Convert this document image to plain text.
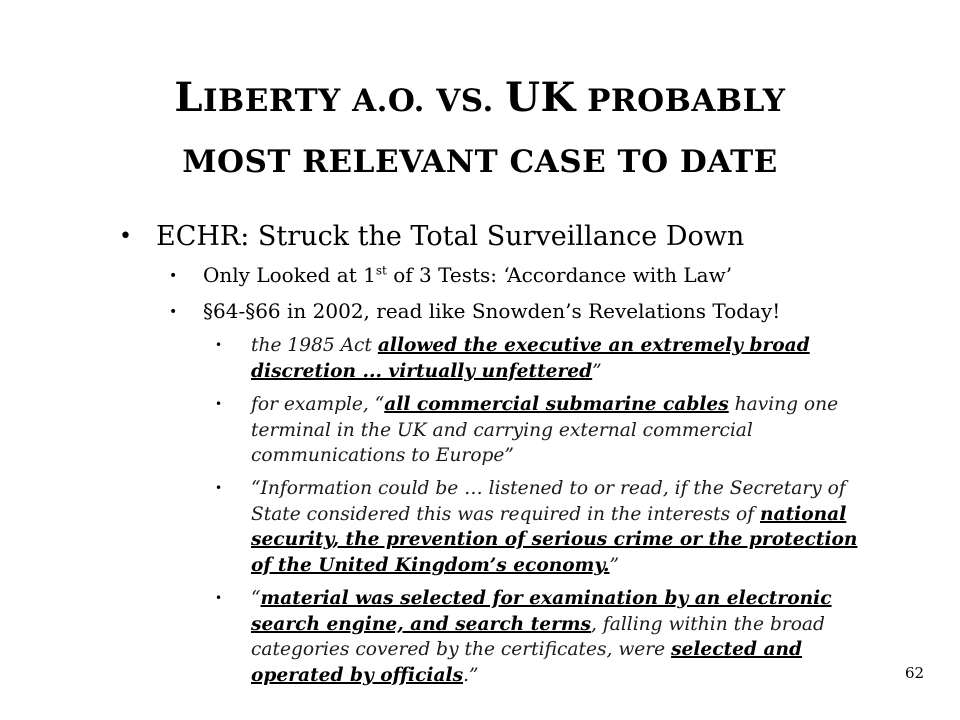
LIBERTY A.O. VS. UK PROBABLY
MOST RELEVANT CASE TO DATE
• ECHR: Struck the Total Surveillance Down
• Only Looked at 1st of 3 Tests: ‘Accordance with Law’
• §64-§66 in 2002, read like Snowden’s Revelations Today!
• the 1985 Act allowed the executive an extremely broad discretion ... virtually unfettered”
• for example, “all commercial submarine cables having one terminal in the UK and carrying external commercial communications to Europe”
• “Information could be … listened to or read, if the Secretary of State considered this was required in the interests of national security, the prevention of serious crime or the protection of the United Kingdom’s economy.”
• “material was selected for examination by an electronic search engine, and search terms, falling within the broad categories covered by the certificates, were selected and operated by officials.”	62
